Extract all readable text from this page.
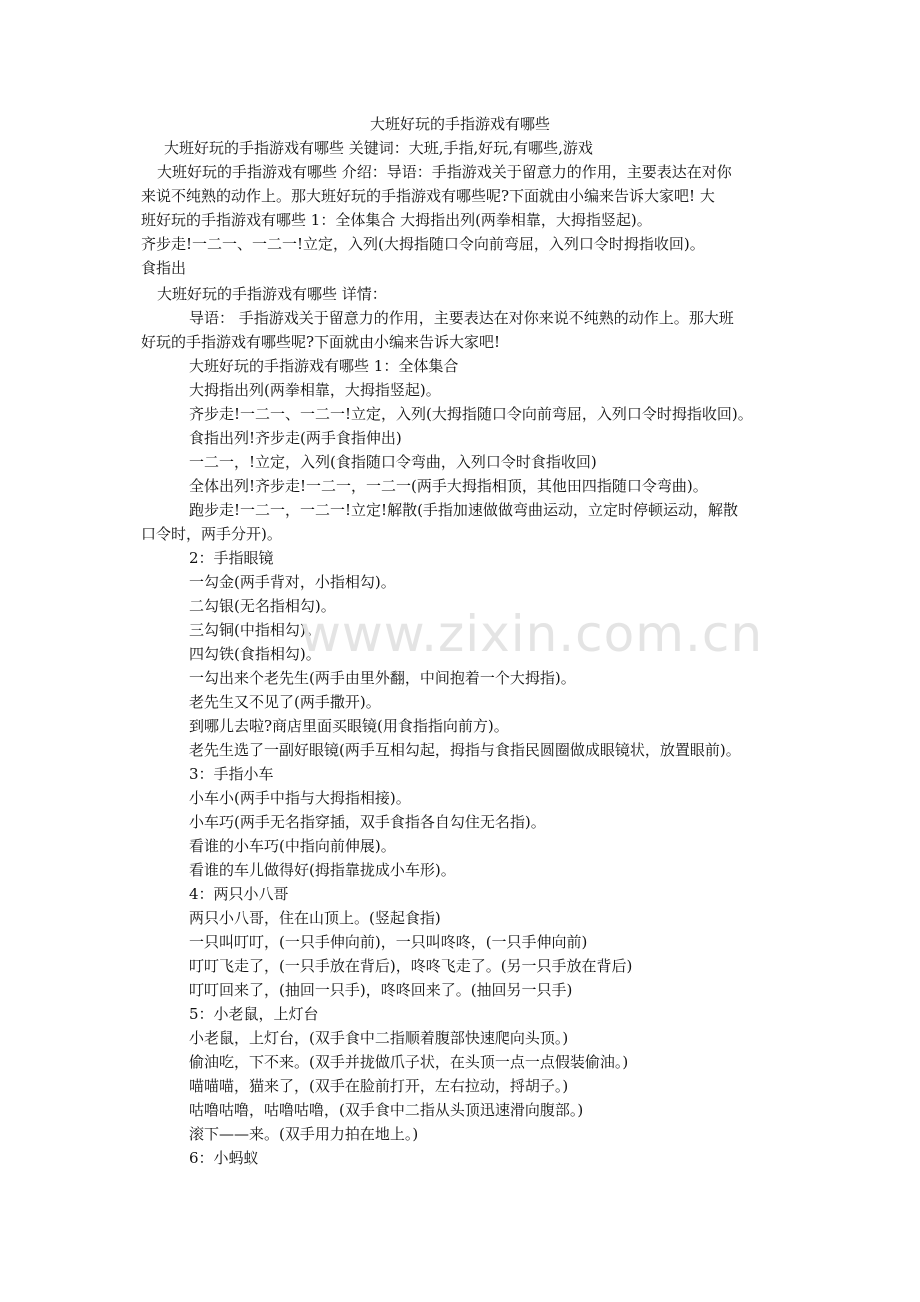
大班好玩的手指游戏有哪些
大班好玩的手指游戏有哪些 关键词：大班,手指,好玩,有哪些,游戏
大班好玩的手指游戏有哪些 介绍：导语：手指游戏关于留意力的作用，主要表达在对你
来说不纯熟的动作上。那大班好玩的手指游戏有哪些呢?下面就由小编来告诉大家吧! 大
班好玩的手指游戏有哪些 1：全体集合 大拇指出列(两拳相靠，大拇指竖起)。
齐步走!一二一、一二一!立定，入列(大拇指随口令向前弯屈，入列口令时拇指收回)。
食指出
大班好玩的手指游戏有哪些 详情：
导语： 手指游戏关于留意力的作用，主要表达在对你来说不纯熟的动作上。那大班
好玩的手指游戏有哪些呢?下面就由小编来告诉大家吧!
大班好玩的手指游戏有哪些 1：全体集合
大拇指出列(两拳相靠，大拇指竖起)。
齐步走!一二一、一二一!立定，入列(大拇指随口令向前弯屈，入列口令时拇指收回)。
食指出列!齐步走(两手食指伸出)
一二一，!立定，入列(食指随口令弯曲，入列口令时食指收回)
全体出列!齐步走!一二一，一二一(两手大拇指相顶，其他田四指随口令弯曲)。
跑步走!一二一，一二一!立定!解散(手指加速做做弯曲运动，立定时停顿运动，解散
口令时，两手分开)。
2：手指眼镜
一勾金(两手背对，小指相勾)。
二勾银(无名指相勾)。
三勾铜(中指相勾)。
四勾铁(食指相勾)。
一勾出来个老先生(两手由里外翻，中间抱着一个大拇指)。
老先生又不见了(两手撒开)。
到哪儿去啦?商店里面买眼镜(用食指指向前方)。
老先生选了一副好眼镜(两手互相勾起，拇指与食指民圆圈做成眼镜状，放置眼前)。
3：手指小车
小车小(两手中指与大拇指相接)。
小车巧(两手无名指穿插，双手食指各自勾住无名指)。
看谁的小车巧(中指向前伸展)。
看谁的车儿做得好(拇指靠拢成小车形)。
4：两只小八哥
两只小八哥，住在山顶上。(竖起食指)
一只叫叮叮，(一只手伸向前)，一只叫咚咚，(一只手伸向前)
叮叮飞走了，(一只手放在背后)，咚咚飞走了。(另一只手放在背后)
叮叮回来了，(抽回一只手)，咚咚回来了。(抽回另一只手)
5：小老鼠，上灯台
小老鼠，上灯台，(双手食中二指顺着腹部快速爬向头顶。)
偷油吃，下不来。(双手并拢做爪子状，在头顶一点一点假装偷油。)
喵喵喵，猫来了，(双手在脸前打开，左右拉动，捋胡子。)
咕噜咕噜，咕噜咕噜，(双手食中二指从头顶迅速滑向腹部。)
滚下——来。(双手用力拍在地上。)
6：小蚂蚁
www.zixin.com.cn
